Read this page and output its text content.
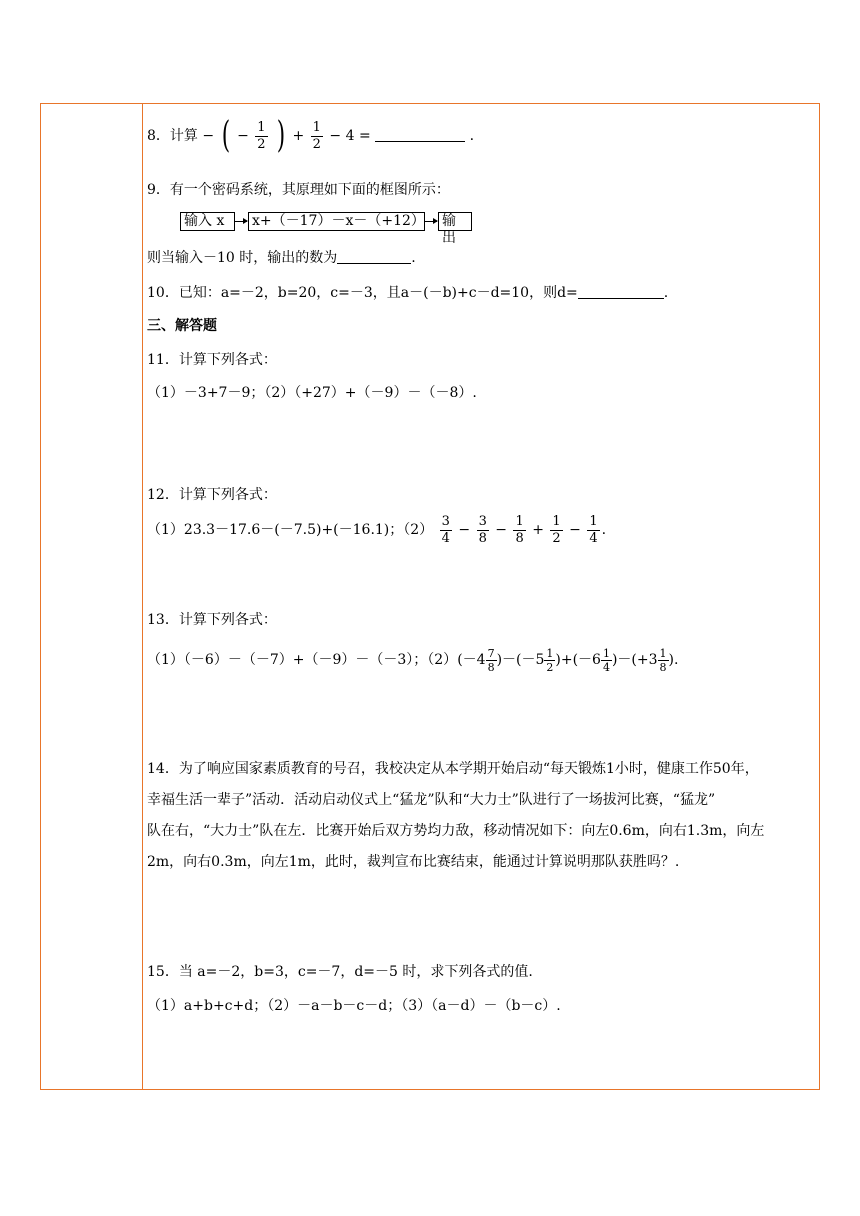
8．计算 − ( − $\frac{1}{2}$ ) + $\frac{1}{2} - 4$ =	.
9．有一个密码系统，其原理如下面的框图所示：
输入 x	x+（－17）－x－（+12） 输出
则当输入－10 时，输出的数为	.
10．已知：a=－2，b=20，c=－3，且a－(－b)+c－d=10，则d=	.
三、解答题
11．计算下列各式：
（1）－3+7－9；（2）（+27）+（－9）－（－8）.
12．计算下列各式：
（1）23.3－17.6－(－7.5)+(－16.1)；$(2) \frac{3}{4} - \frac{3}{8} - \frac{1}{8} + \frac{1}{2} - \frac{1}{4}$ .
13．计算下列各式：
（1）（－6）－（－7）+（－9）－（－3）；（2） $(-4 \frac{7}{8} )-(-5 \frac{1}{2} )+(-6 \frac{1}{4} )-(+3 \frac{1}{8}$ ).
14．为了响应国家素质教育的号召，我校决定从本学期开始启动“每天锻炼1小时，健康工作50年，
幸福生活一辈子”活动．活动启动仪式上“猛龙”队和“大力士”队进行了一场拔河比赛，“猛龙”
队在右，“大力士”队在左．比赛开始后双方势均力敌，移动情况如下：向左0.6m，向右1.3m，向左
2m，向右0.3m，向左1m，此时，裁判宣布比赛结束，能通过计算说明那队获胜吗？.
15．当 a=－2，b=3，c=－7，d=－5 时，求下列各式的值.
（1）a+b+c+d；（2）－a－b－c－d；（3）（a－d）－（b－c）.
